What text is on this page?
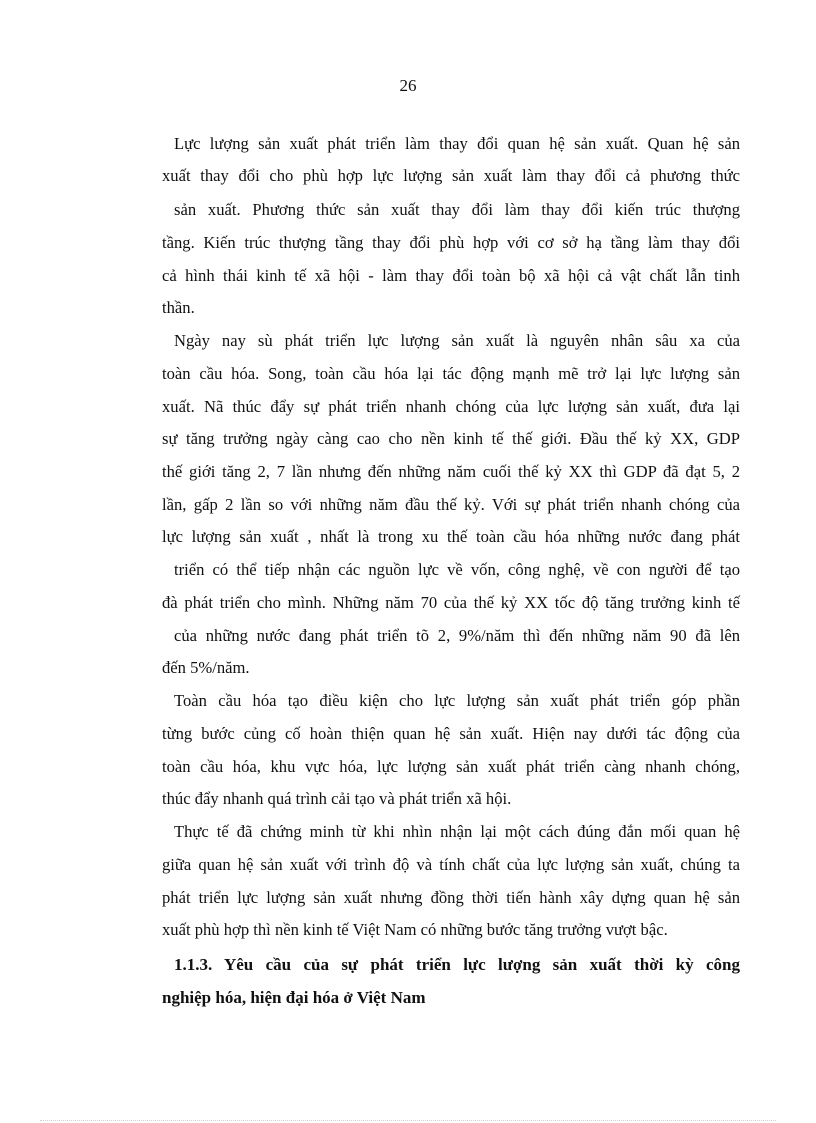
26
Lực lượng sản xuất phát triển làm thay đổi quan hệ sản xuất. Quan hệ sản
xuất thay đổi cho phù hợp lực lượng sản xuất làm thay đổi cả phương thức
sản xuất. Phương thức sản xuất thay đổi làm thay đổi kiến trúc thượng
tầng. Kiến trúc thượng tầng thay đổi phù hợp với cơ sở hạ tầng làm thay đổi
cả hình thái kinh tế xã hội - làm thay đổi toàn bộ xã hội cả vật chất lẫn tinh
thần.
Ngày nay sù phát triển lực lượng sản xuất là nguyên nhân sâu xa của
toàn cầu hóa. Song, toàn cầu hóa lại tác động mạnh mẽ trở lại lực lượng sản
xuất. Nã thúc đẩy sự phát triển nhanh chóng của lực lượng sản xuất, đưa lại
sự tăng trưởng ngày càng cao cho nền kinh tế thế giới. Đầu thế kỷ XX, GDP
thế giới tăng 2, 7 lần nhưng đến những năm cuối thế kỷ XX thì GDP đã đạt 5, 2
lần, gấp 2 lần so với những năm đầu thế kỷ. Với sự phát triển nhanh chóng của
lực lượng sản xuất , nhất là trong xu thế toàn cầu hóa những nước đang phát
triển có thể tiếp nhận các nguồn lực về vốn, công nghệ, về con người để tạo
đà phát triển cho mình. Những năm 70 của thế kỷ XX tốc độ tăng trưởng kinh tế
của những nước đang phát triển tõ 2, 9%/năm thì đến những năm 90 đã lên
đến 5%/năm.
Toàn cầu hóa tạo điều kiện cho lực lượng sản xuất phát triển góp phần
từng bước củng cố hoàn thiện quan hệ sản xuất. Hiện nay dưới tác động của
toàn cầu hóa, khu vực hóa, lực lượng sản xuất phát triển càng nhanh chóng,
thúc đẩy nhanh quá trình cải tạo và phát triển xã hội.
Thực tế đã chứng minh từ khi nhìn nhận lại một cách đúng đắn mối quan hệ
giữa quan hệ sản xuất với trình độ và tính chất của lực lượng sản xuất, chúng ta
phát triển lực lượng sản xuất nhưng đồng thời tiến hành xây dựng quan hệ sản
xuất phù hợp thì nền kinh tế Việt Nam có những bước tăng trưởng vượt bậc.
1.1.3. Yêu cầu của sự phát triển lực lượng sản xuất thời kỳ công
nghiệp hóa, hiện đại hóa ở Việt Nam
